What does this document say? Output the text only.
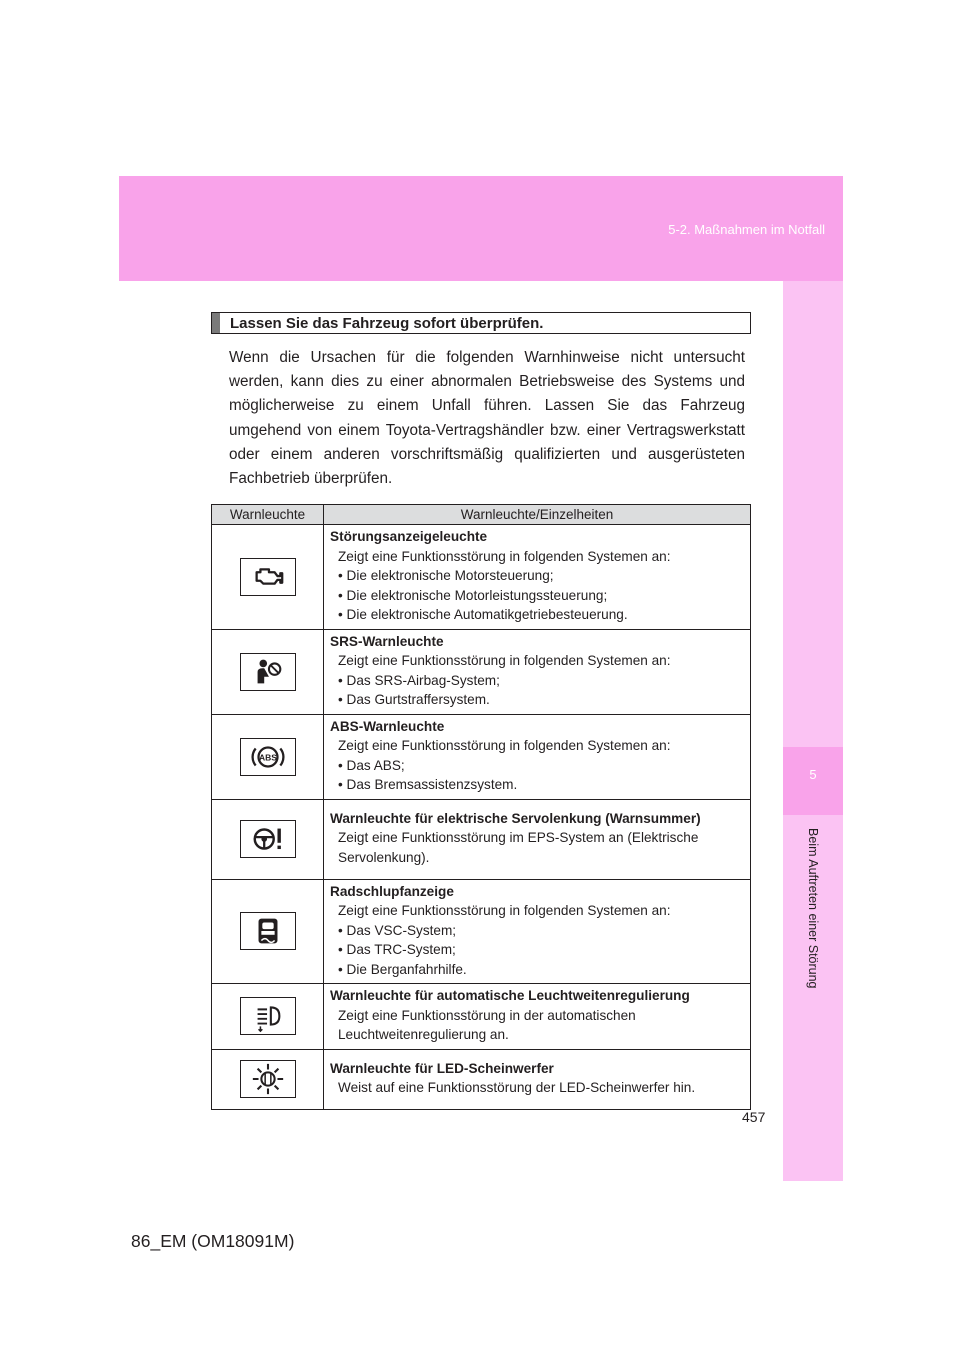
5-2. Maßnahmen im Notfall
5
Beim Auftreten einer Störung
Lassen Sie das Fahrzeug sofort überprüfen.

Wenn die Ursachen für die folgenden Warnhinweise nicht untersucht werden, kann dies zu einer abnormalen Betriebsweise des Systems und möglicherweise zu einem Unfall führen. Lassen Sie das Fahrzeug umgehend von einem Toyota-Vertragshändler bzw. einer Vertragswerkstatt oder einem anderen vorschriftsmäßig qualifizierten und ausgerüsteten Fachbetrieb überprüfen.

Warnleuchte	Warnleuchte/Einzelheiten

Störungsanzeigeleuchte
Zeigt eine Funktionsstörung in folgenden Systemen an:
• Die elektronische Motorsteuerung;
• Die elektronische Motorleistungssteuerung;
• Die elektronische Automatikgetriebesteuerung.

SRS-Warnleuchte
Zeigt eine Funktionsstörung in folgenden Systemen an:
• Das SRS-Airbag-System;
• Das Gurtstraffersystem.

ABS	ABS-Warnleuchte
Zeigt eine Funktionsstörung in folgenden Systemen an:
• Das ABS;
• Das Bremsassistenzsystem.

Warnleuchte für elektrische Servolenkung (Warnsummer)
Zeigt eine Funktionsstörung im EPS-System an (Elektrische Servolenkung).

Radschlupfanzeige
Zeigt eine Funktionsstörung in folgenden Systemen an:
• Das VSC-System;
• Das TRC-System;
• Die Berganfahrhilfe.

Warnleuchte für automatische Leuchtweitenregulierung
Zeigt eine Funktionsstörung in der automatischen Leuchtweitenregulierung an.

Warnleuchte für LED-Scheinwerfer
Weist auf eine Funktionsstörung der LED-Scheinwerfer hin.
457
86_EM (OM18091M)
